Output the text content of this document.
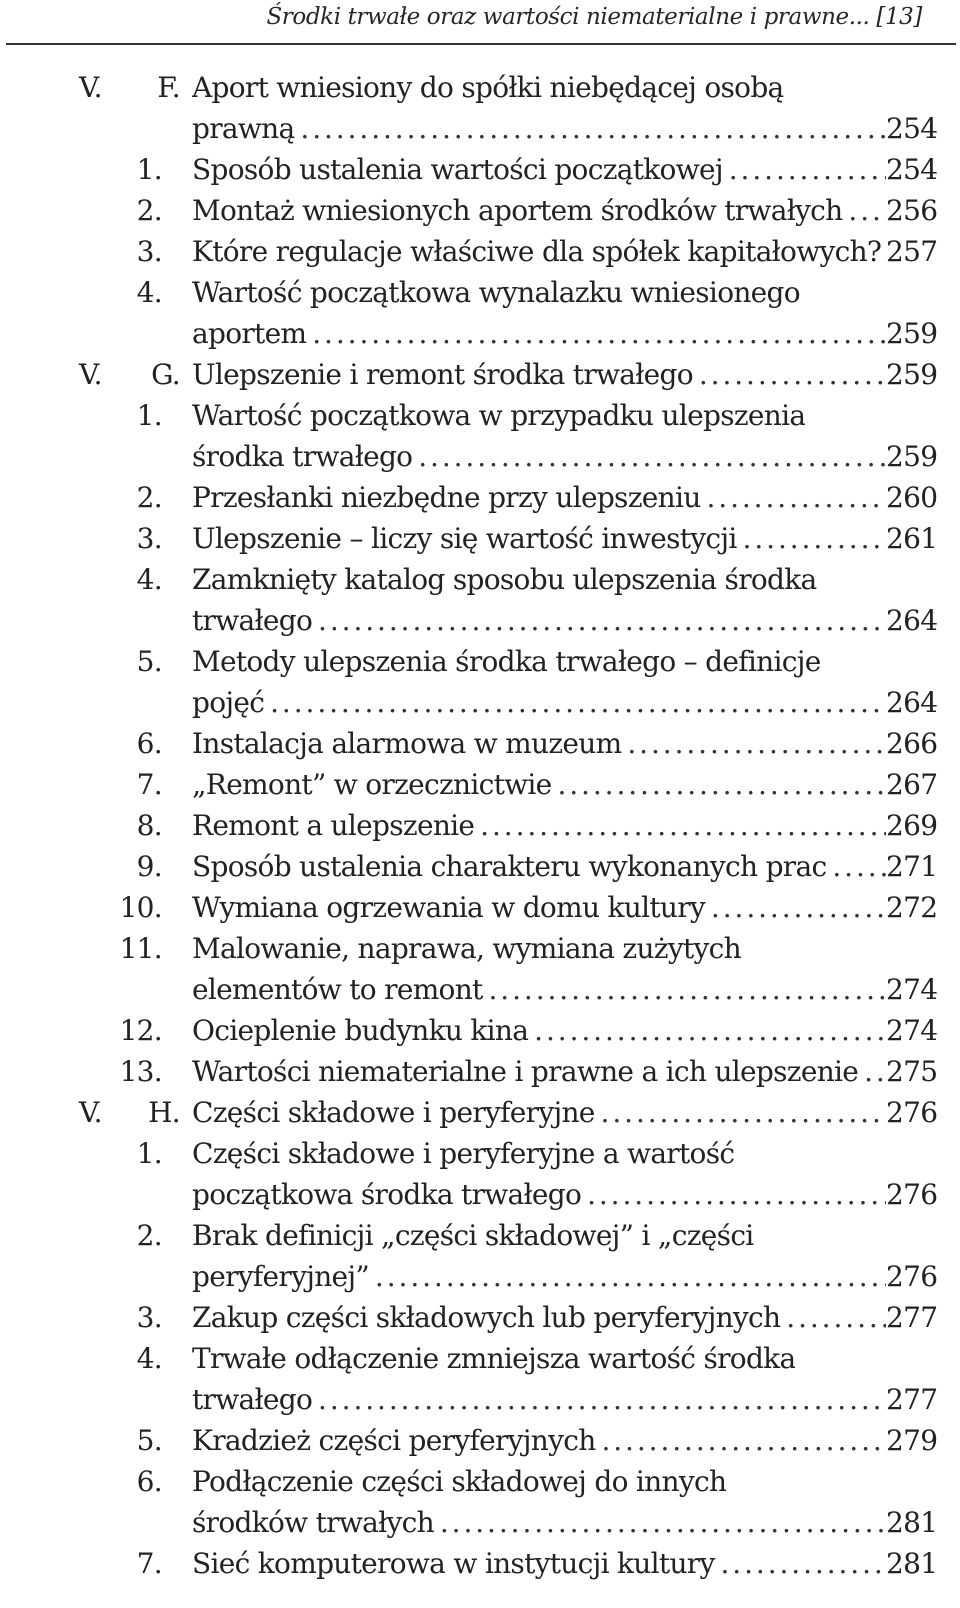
Środki trwałe oraz wartości niematerialne i prawne... [13]
V.	F. Aport wniesiony do spółki niebędącej osobą
prawną . . .	254
1. Sposób ustalenia wartości początkowej . . .	254
2. Montaż wniesionych aportem środków trwałych . . .	256
3. Które regulacje właściwe dla spółek kapitałowych? . . . 257
4. Wartość początkowa wynalazku wniesionego
aportem . . .	259
V.	G. Ulepszenie i remont środka trwałego . . .	259
1. Wartość początkowa w przypadku ulepszenia
środka trwałego . . .	259
2. Przesłanki niezbędne przy ulepszeniu . . .	260
3. Ulepszenie – liczy się wartość inwestycji . . .	261
4. Zamknięty katalog sposobu ulepszenia środka
trwałego . . .	264
5. Metody ulepszenia środka trwałego – definicje
pojęć . . .	264
6. Instalacja alarmowa w muzeum . . .	266
7. „Remont” w orzecznictwie . . .	267
8. Remont a ulepszenie . . .	269
9. Sposób ustalenia charakteru wykonanych prac . . .	271
10. Wymiana ogrzewania w domu kultury . . .	272
11. Malowanie, naprawa, wymiana zużytych
elementów to remont . . .	274
12. Ocieplenie budynku kina . . .	274
13. Wartości niematerialne i prawne a ich ulepszenie . . . 275
V.	H. Części składowe i peryferyjne . . .	276
1. Części składowe i peryferyjne a wartość
początkowa środka trwałego . . .	276
2. Brak definicji „części składowej” i „części
peryferyjnej” . . .	276
3. Zakup części składowych lub peryferyjnych . . .	277
4. Trwałe odłączenie zmniejsza wartość środka
trwałego . . .	277
5. Kradzież części peryferyjnych . . .	279
6. Podłączenie części składowej do innych
środków trwałych . . .	281
7. Sieć komputerowa w instytucji kultury . . .	281
